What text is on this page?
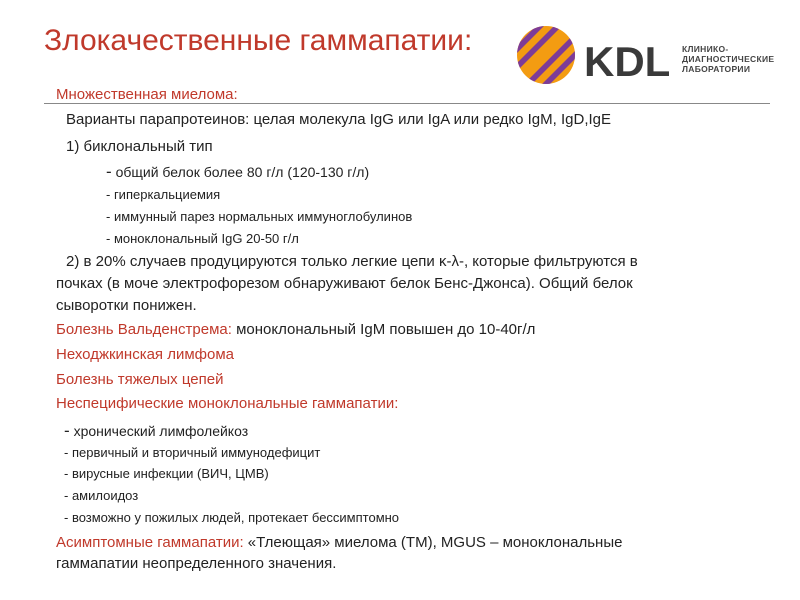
Злокачественные гаммапатии:	KDL КЛИНИКО-
ДИАГНОСТИЧЕСКИЕ
ЛАБОРАТОРИИ
Множественная миелома:
Варианты парапротеинов: целая молекула IgG или IgA или редко IgM, IgD,IgE
1) биклональный тип
- общий белок более 80 г/л (120-130 г/л)
- гиперкальциемия
- иммунный парез нормальных иммуноглобулинов
- моноклональный IgG 20-50 г/л
2) в 20% случаев продуцируются только легкие цепи κ-λ-, которые фильтруются в
почках (в моче электрофорезом обнаруживают белок Бенс-Джонса). Общий белок
сыворотки понижен.
Болезнь Вальденстрема: моноклональный IgM повышен до 10-40г/л
Неходжкинская лимфома
Болезнь тяжелых цепей
Неспецифические моноклональные гаммапатии:
- хронический лимфолейкоз
- первичный и вторичный иммунодефицит
- вирусные инфекции (ВИЧ, ЦМВ)
- амилоидоз
- возможно у пожилых людей, протекает бессимптомно
Асимптомные гаммапатии: «Тлеющая» миелома (ТМ), MGUS – моноклональные
гаммапатии неопределенного значения.
